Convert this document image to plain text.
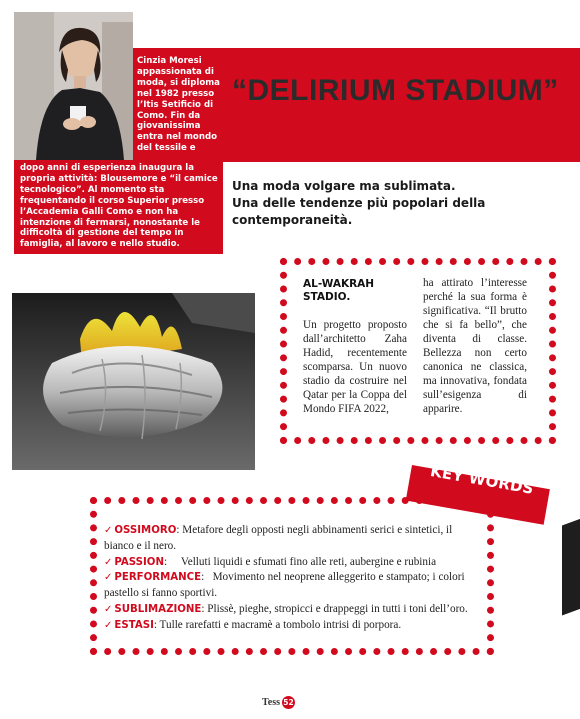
“DELIRIUM STADIUM”
Cinzia Moresi appassionata di moda, si diploma nel 1982 presso l’Itis Setificio di Como. Fin da giovanissima entra nel mondo del tessile e
dopo anni di esperienza inaugura la propria attività: Blousemore e “il camice tecnologico”. Al momento sta frequentando il corso Superior presso l’Accademia Galli Como e non ha intenzione di fermarsi, nonostante le difficoltà di gestione del tempo in famiglia, al lavoro e nello studio.
Una moda volgare ma sublimata.
Una delle tendenze più popolari della contemporaneità.
AL-WAKRAH STADIO.
Un progetto proposto dall’architetto Zaha Hadid, recentemente scomparsa. Un nuovo stadio da costruire nel Qatar per la Coppa del Mondo FIFA 2022,
ha attirato l’interesse perché la sua forma è significativa. “Il brutto che si fa bello”, che diventa di classe. Bellezza non certo canonica ne classica, ma innovativa, fondata sull’esigenza di apparire.
KEY WORDS

✓ OSSIMORO: Metafore degli opposti negli abbinamenti serici e sintetici, il bianco e il nero.

✓ PASSION:     Velluti liquidi e sfumati fino alle reti, aubergine e rubinia

✓ PERFORMANCE:   Movimento nel neoprene alleggerito e stampato; i colori pastello si fanno sportivi.

✓ SUBLIMAZIONE: Plissè, pieghe, stropicci e drappeggi in tutti i toni dell’oro.

✓ ESTASI: Tulle rarefatti e macramè a tombolo intrisi di porpora.

Tess 52
